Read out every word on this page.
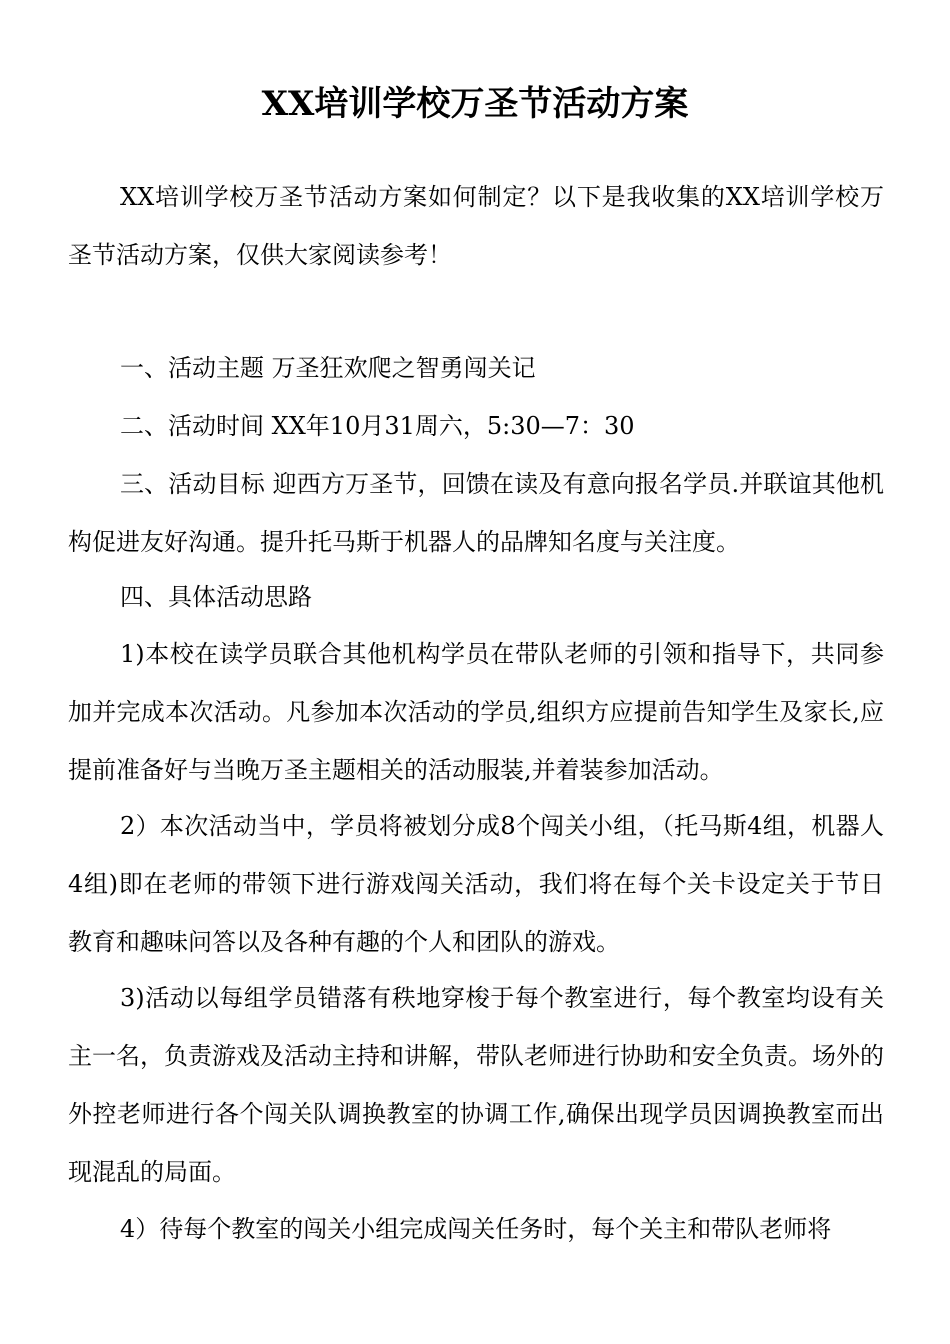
XX培训学校万圣节活动方案
XX培训学校万圣节活动方案如何制定？以下是我收集的XX培训学校万圣节活动方案，仅供大家阅读参考！
一、活动主题 万圣狂欢爬之智勇闯关记
二、活动时间 XX年10月31周六，5:30—7：30
三、活动目标 迎西方万圣节，回馈在读及有意向报名学员.并联谊其他机构促进友好沟通。提升托马斯于机器人的品牌知名度与关注度。
四、具体活动思路
1)本校在读学员联合其他机构学员在带队老师的引领和指导下，共同参加并完成本次活动。凡参加本次活动的学员,组织方应提前告知学生及家长,应提前准备好与当晚万圣主题相关的活动服装,并着装参加活动。
2）本次活动当中，学员将被划分成8个闯关小组，（托马斯4组，机器人4组)即在老师的带领下进行游戏闯关活动，我们将在每个关卡设定关于节日教育和趣味问答以及各种有趣的个人和团队的游戏。
3)活动以每组学员错落有秩地穿梭于每个教室进行，每个教室均设有关主一名，负责游戏及活动主持和讲解，带队老师进行协助和安全负责。场外的外控老师进行各个闯关队调换教室的协调工作,确保出现学员因调换教室而出现混乱的局面。
4）待每个教室的闯关小组完成闯关任务时，每个关主和带队老师将
